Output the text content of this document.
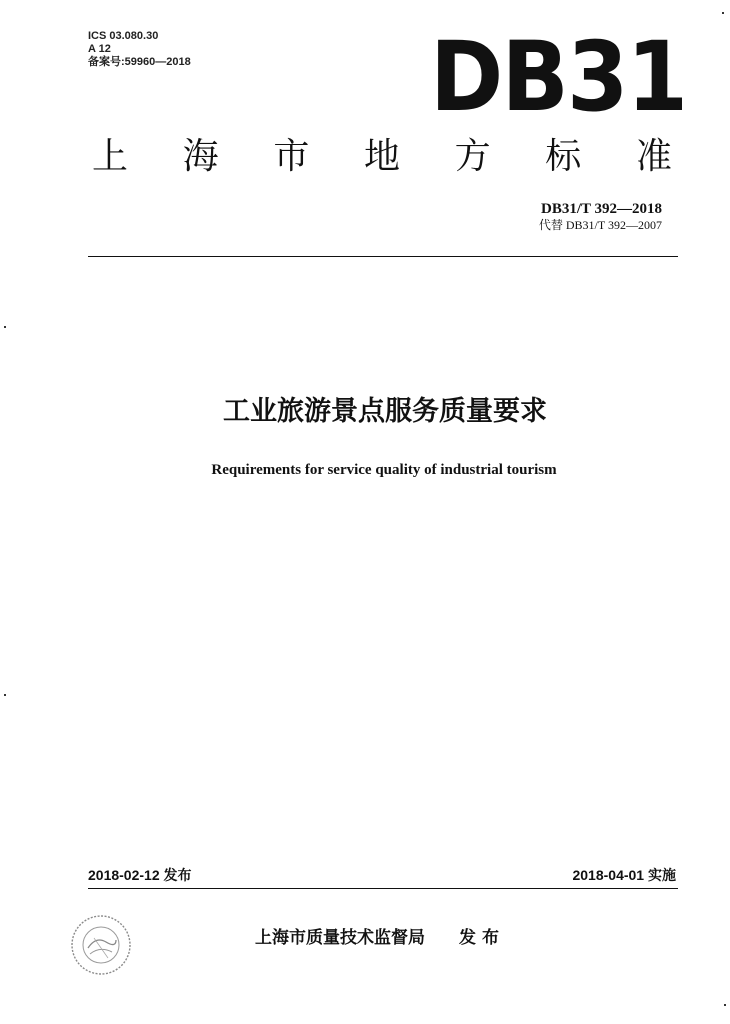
ICS 03.080.30
A 12
备案号:59960—2018 DB31
上 海 市 地 方 标 准
DB31/T 392—2018
代替 DB31/T 392—2007
工业旅游景点服务质量要求
Requirements for service quality of industrial tourism
2018-02-12 发布	2018-04-01 实施
上海市质量技术监督局 发布
